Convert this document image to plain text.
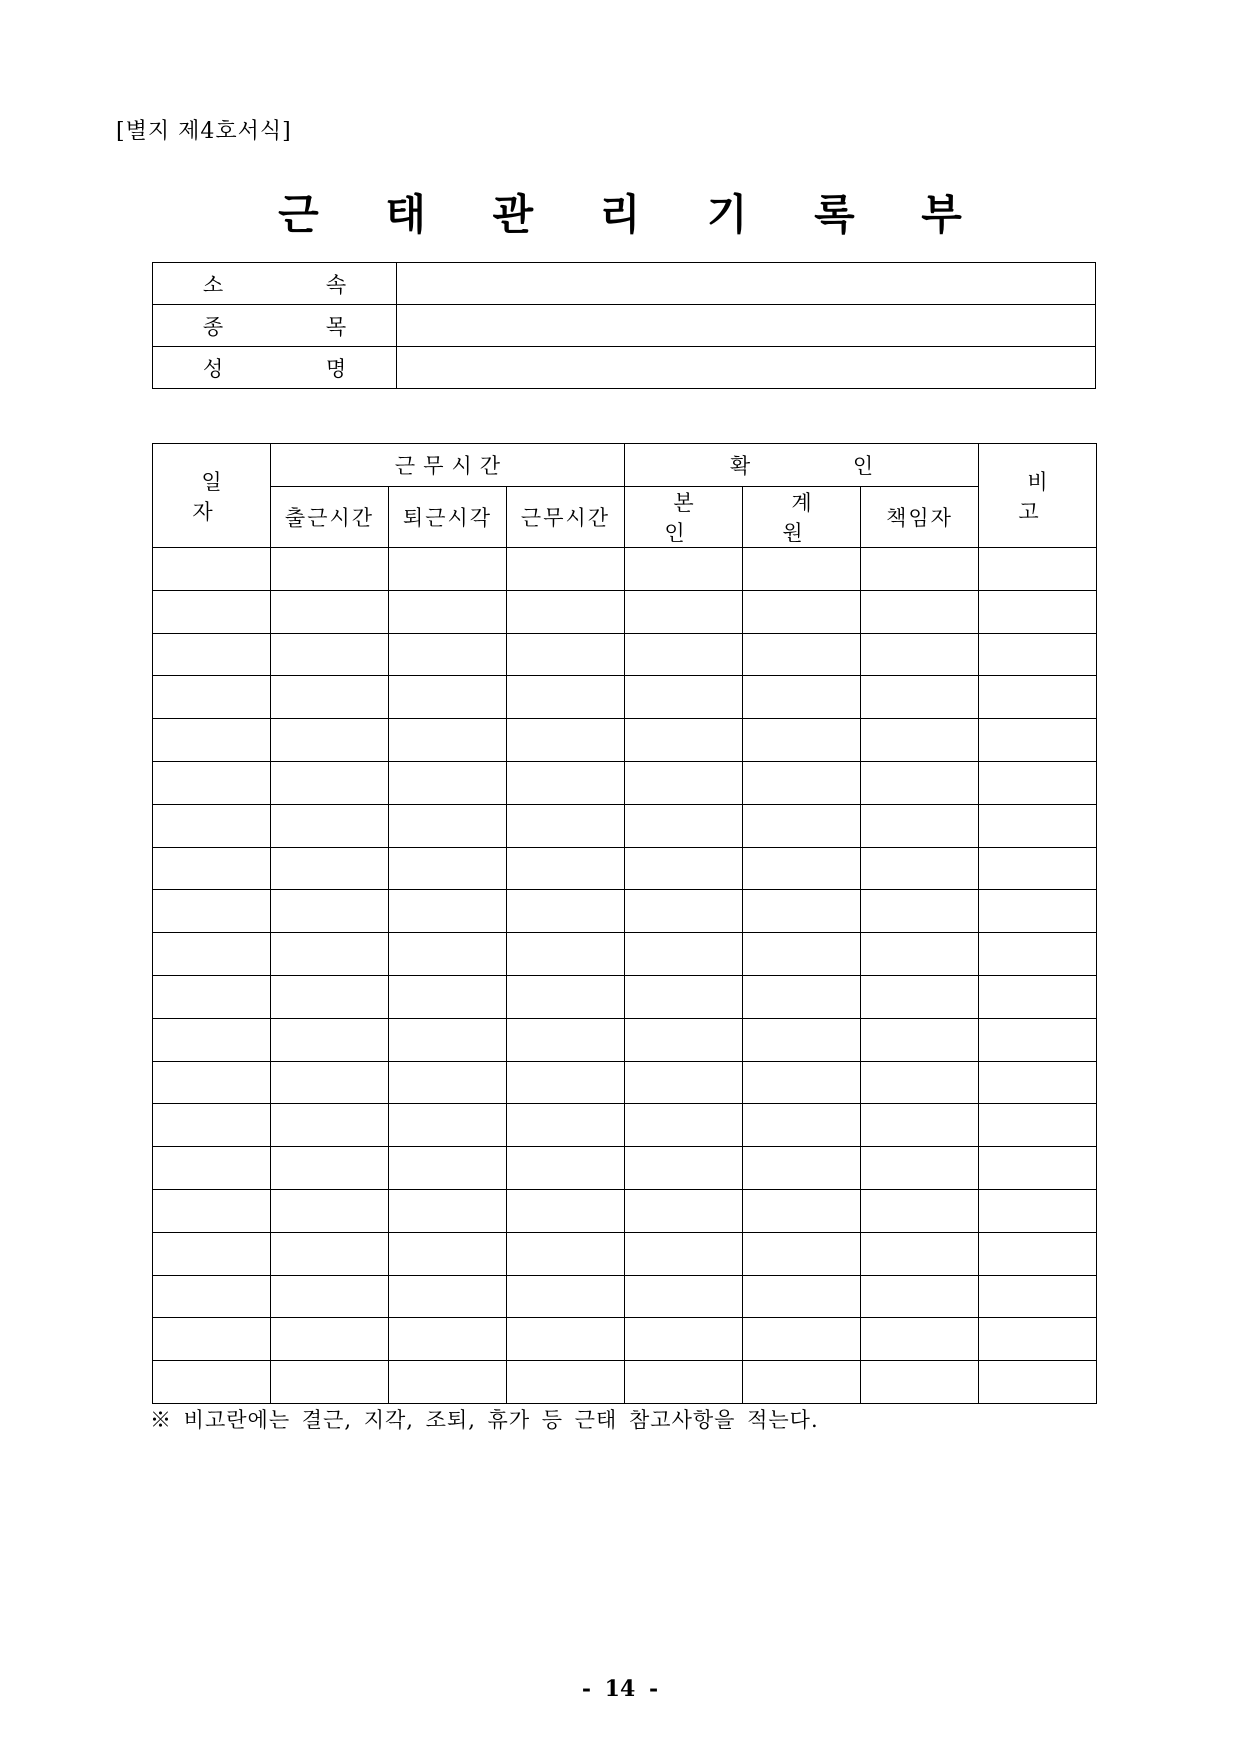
[별지 제4호서식]
근 태 관 리 기 록 부
소 속	
종 목	
성 명	
일 자	근무시간			확 인			비 고
	출근시간	퇴근시각	근무시간	본 인	계 원	책임자	

※ 비고란에는 결근, 지각, 조퇴, 휴가 등 근태 참고사항을 적는다.
- 14 -
